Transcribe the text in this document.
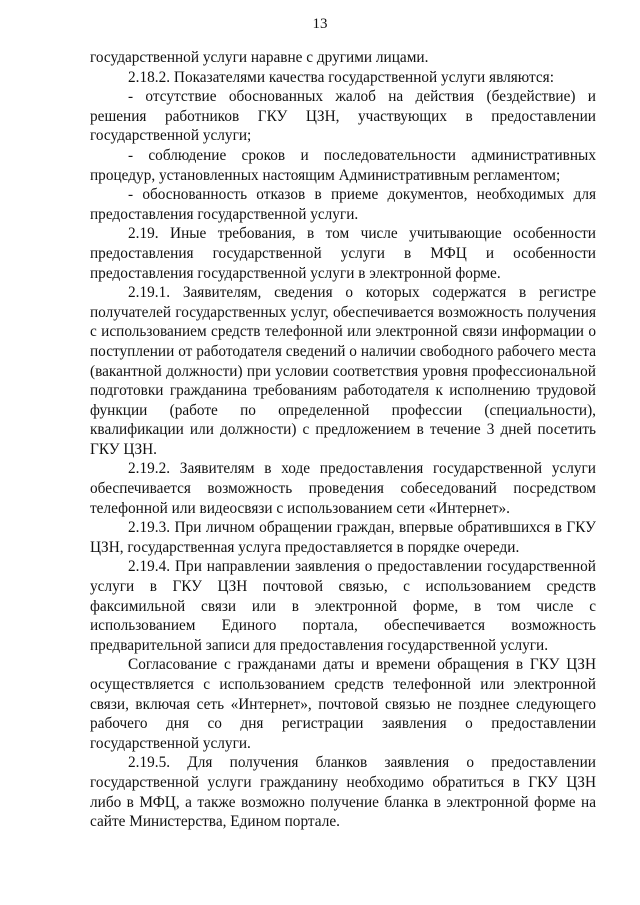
13

государственной услуги наравне с другими лицами.

2.18.2. Показателями качества государственной услуги являются:

- отсутствие обоснованных жалоб на действия (бездействие) и решения работников ГКУ ЦЗН, участвующих в предоставлении государственной услуги;

- соблюдение сроков и последовательности административных процедур, установленных настоящим Административным регламентом;

- обоснованность отказов в приеме документов, необходимых для предоставления государственной услуги.

2.19. Иные требования, в том числе учитывающие особенности предоставления государственной услуги в МФЦ и особенности предоставления государственной услуги в электронной форме.

2.19.1. Заявителям, сведения о которых содержатся в регистре получателей государственных услуг, обеспечивается возможность получения с использованием средств телефонной или электронной связи информации о поступлении от работодателя сведений о наличии свободного рабочего места (вакантной должности) при условии соответствия уровня профессиональной подготовки гражданина требованиям работодателя к исполнению трудовой функции (работе по определенной профессии (специальности), квалификации или должности) с предложением в течение 3 дней посетить ГКУ ЦЗН.

2.19.2. Заявителям в ходе предоставления государственной услуги обеспечивается возможность проведения собеседований посредством телефонной или видеосвязи с использованием сети «Интернет».

2.19.3. При личном обращении граждан, впервые обратившихся в ГКУ ЦЗН, государственная услуга предоставляется в порядке очереди.

2.19.4. При направлении заявления о предоставлении государственной услуги в ГКУ ЦЗН почтовой связью, с использованием средств факсимильной связи или в электронной форме, в том числе с использованием Единого портала, обеспечивается возможность предварительной записи для предоставления государственной услуги.

Согласование с гражданами даты и времени обращения в ГКУ ЦЗН осуществляется с использованием средств телефонной или электронной связи, включая сеть «Интернет», почтовой связью не позднее следующего рабочего дня со дня регистрации заявления о предоставлении государственной услуги.

2.19.5. Для получения бланков заявления о предоставлении государственной услуги гражданину необходимо обратиться в ГКУ ЦЗН либо в МФЦ, а также возможно получение бланка в электронной форме на сайте Министерства, Едином портале.
